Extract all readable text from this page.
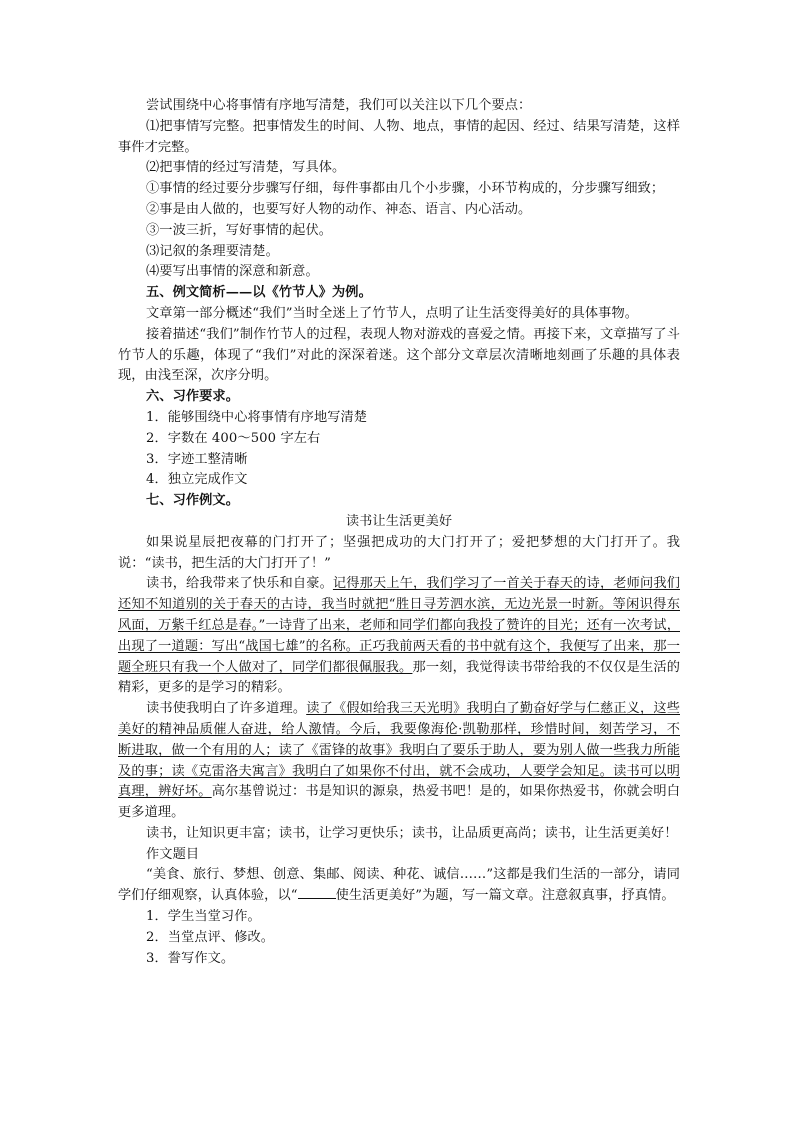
尝试围绕中心将事情有序地写清楚，我们可以关注以下几个要点：

⑴把事情写完整。把事情发生的时间、人物、地点，事情的起因、经过、结果写清楚，这样事件才完整。

⑵把事情的经过写清楚，写具体。

①事情的经过要分步骤写仔细，每件事都由几个小步骤，小环节构成的，分步骤写细致；

②事是由人做的，也要写好人物的动作、神态、语言、内心活动。

③一波三折，写好事情的起伏。

⑶记叙的条理要清楚。

⑷要写出事情的深意和新意。

五、例文简析——以《竹节人》为例。

文章第一部分概述“我们”当时全迷上了竹节人，点明了让生活变得美好的具体事物。

接着描述“我们”制作竹节人的过程，表现人物对游戏的喜爱之情。再接下来，文章描写了斗竹节人的乐趣，体现了“我们”对此的深深着迷。这个部分文章层次清晰地刻画了乐趣的具体表现，由浅至深，次序分明。

六、习作要求。

1．能够围绕中心将事情有序地写清楚

2．字数在 400～500 字左右

3．字迹工整清晰

4．独立完成作文

七、习作例文。

读书让生活更美好

如果说星辰把夜幕的门打开了；坚强把成功的大门打开了；爱把梦想的大门打开了。我说：“读书，把生活的大门打开了！”

读书，给我带来了快乐和自豪。记得那天上午，我们学习了一首关于春天的诗，老师问我们还知不知道别的关于春天的古诗，我当时就把“胜日寻芳泗水滨，无边光景一时新。等闲识得东风面，万紫千红总是春。”一诗背了出来，老师和同学们都向我投了赞许的目光；还有一次考试，出现了一道题：写出“战国七雄”的名称。正巧我前两天看的书中就有这个，我便写了出来，那一题全班只有我一个人做对了，同学们都很佩服我。那一刻，我觉得读书带给我的不仅仅是生活的精彩，更多的是学习的精彩。

读书使我明白了许多道理。读了《假如给我三天光明》我明白了勤奋好学与仁慈正义，这些美好的精神品质催人奋进，给人激情。今后，我要像海伦·凯勒那样，珍惜时间，刻苦学习，不断进取，做一个有用的人；读了《雷锋的故事》我明白了要乐于助人，要为别人做一些我力所能及的事；读《克雷洛夫寓言》我明白了如果你不付出，就不会成功，人要学会知足。读书可以明真理，辨好坏。高尔基曾说过：书是知识的源泉，热爱书吧！是的，如果你热爱书，你就会明白更多道理。

读书，让知识更丰富；读书，让学习更快乐；读书，让品质更高尚；读书，让生活更美好！

作文题目

“美食、旅行、梦想、创意、集邮、阅读、种花、诚信……”这都是我们生活的一部分，请同学们仔细观察，认真体验，以“	使生活更美好”为题，写一篇文章。注意叙真事，抒真情。

1．学生当堂习作。

2．当堂点评、修改。

3．誊写作文。
